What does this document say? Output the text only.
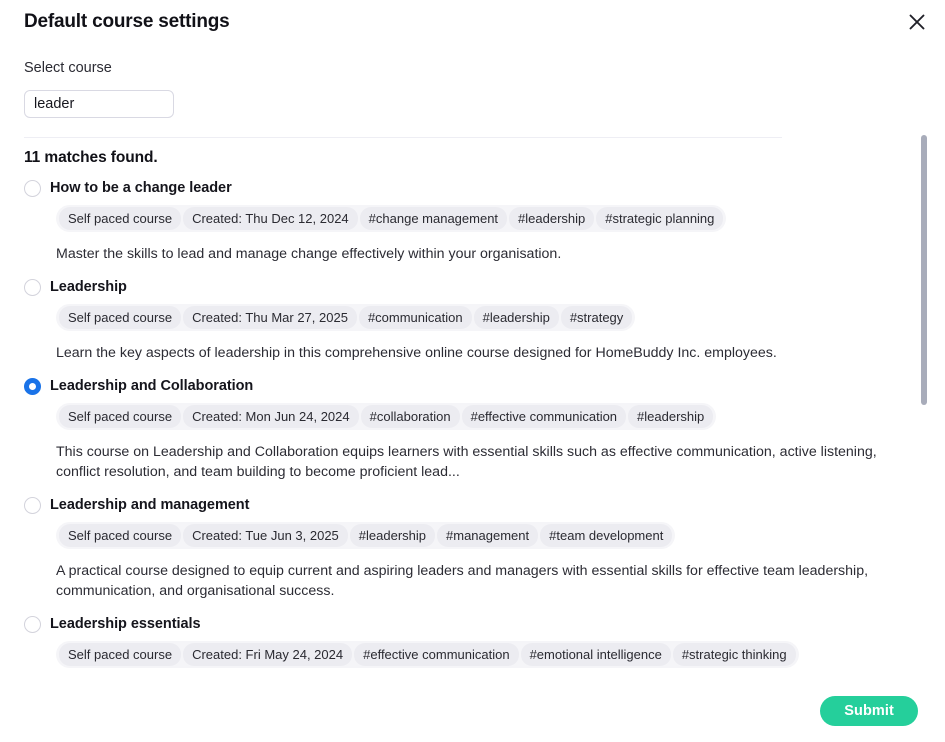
Default course settings
Select course
leader
11 matches found.
How to be a change leader
Self paced course	Created: Thu Dec 12, 2024	#change management	#leadership	#strategic planning
Master the skills to lead and manage change effectively within your organisation.
Leadership
Self paced course	Created: Thu Mar 27, 2025	#communication	#leadership	#strategy
Learn the key aspects of leadership in this comprehensive online course designed for HomeBuddy Inc. employees.
Leadership and Collaboration
Self paced course	Created: Mon Jun 24, 2024	#collaboration	#effective communication	#leadership
This course on Leadership and Collaboration equips learners with essential skills such as effective communication, active listening, conflict resolution, and team building to become proficient lead...
Leadership and management
Self paced course	Created: Tue Jun 3, 2025	#leadership	#management	#team development
A practical course designed to equip current and aspiring leaders and managers with essential skills for effective team leadership, communication, and organisational success.
Leadership essentials
Self paced course	Created: Fri May 24, 2024	#effective communication	#emotional intelligence	#strategic thinking
Submit
